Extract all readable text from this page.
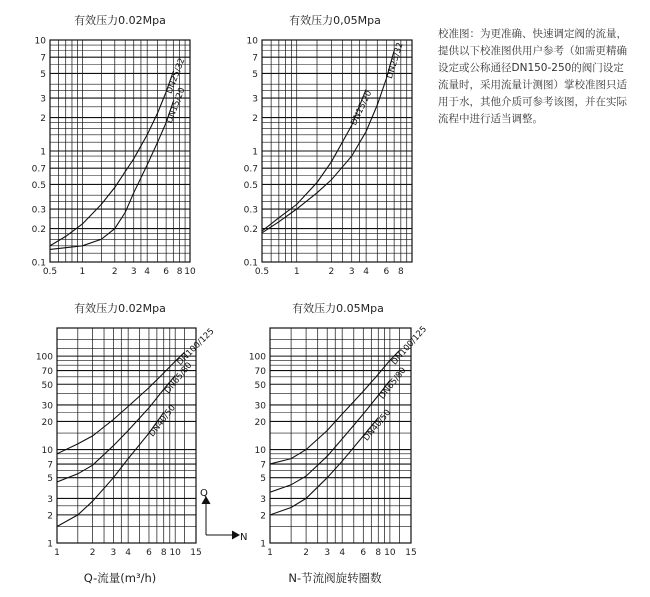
有效压力0.02Mpa
0.1
0.2
0.3
0.5
0.7
1
2
3
5
7
10
0.5 1	2 3 4 6 8 10
DN25/32
DN15/20
有效压力0,05Mpa
0.1
0.2
0.3
0.5
0.7
1
2
3
5
7
10
0.5	1	2 3 4 6 8
DN25/32
DN15/20
有效压力0.02Mpa
1
2
3
5
7
10
20
30
50
70
100
1	2 3 4 6 8 10 15
DN100/125
DN65/80
DN40/50
有效压力0.05Mpa
1
2
3
5
7
10
20
30
50
70
100
1	2 3 4 6 8 10 15
DN100/125
DN65/80
DN40/50
Q
N
校准图：为更准确、快速调定阀的流量，提供以下校准图供用户参考（如需更精确设定或公称通径DN150-250的阀门设定流量时，采用流量计测图）掌校准图只适用于水，其他介质可参考该图，并在实际流程中进行适当调整。
Q-流量(m³/h)	N-节流阀旋转圈数
